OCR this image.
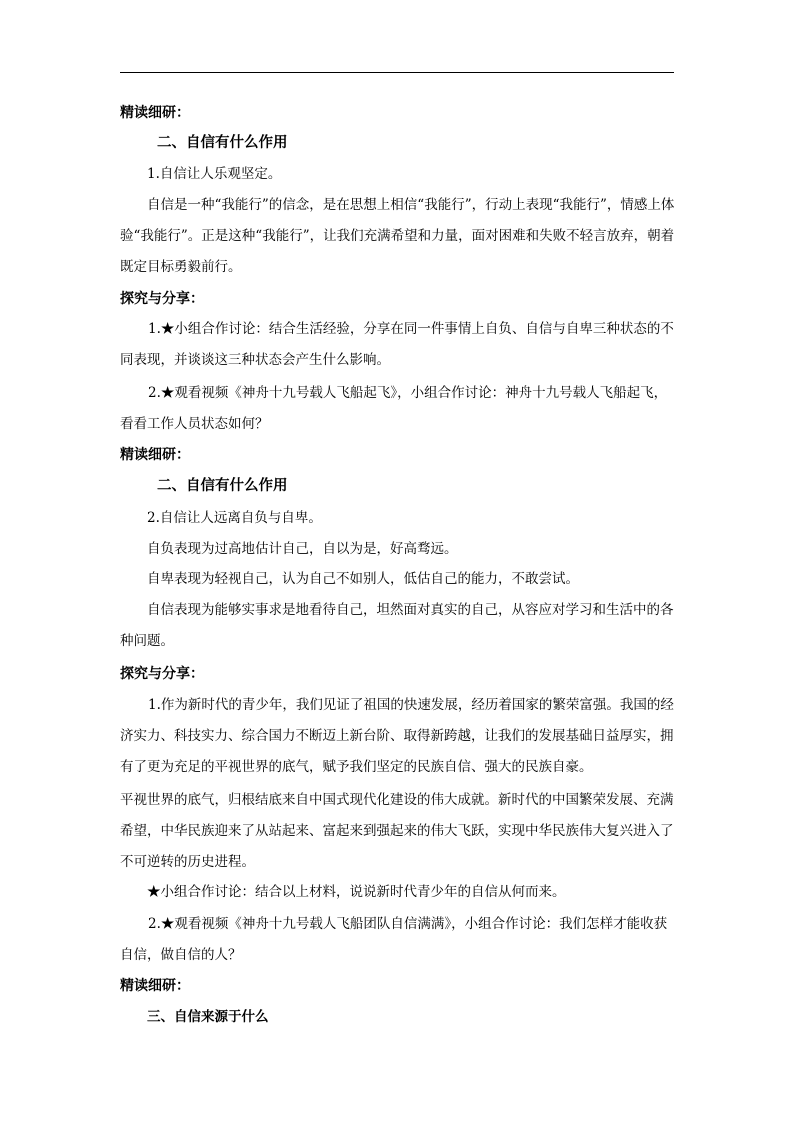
精读细研：
二、自信有什么作用
1.自信让人乐观坚定。

自信是一种“我能行”的信念，是在思想上相信“我能行”，行动上表现“我能行”，情感上体验“我能行”。正是这种“我能行”，让我们充满希望和力量，面对困难和失败不轻言放弃，朝着既定目标勇毅前行。

探究与分享：

1.★小组合作讨论：结合生活经验，分享在同一件事情上自负、自信与自卑三种状态的不同表现，并谈谈这三种状态会产生什么影响。

2.★观看视频《神舟十九号载人飞船起飞》，小组合作讨论：神舟十九号载人飞船起飞，看看工作人员状态如何？

精读细研：
二、自信有什么作用
2.自信让人远离自负与自卑。

自负表现为过高地估计自己，自以为是，好高骛远。

自卑表现为轻视自己，认为自己不如别人，低估自己的能力，不敢尝试。

自信表现为能够实事求是地看待自己，坦然面对真实的自己，从容应对学习和生活中的各种问题。

探究与分享：

1.作为新时代的青少年，我们见证了祖国的快速发展，经历着国家的繁荣富强。我国的经济实力、科技实力、综合国力不断迈上新台阶、取得新跨越，让我们的发展基础日益厚实，拥有了更为充足的平视世界的底气，赋予我们坚定的民族自信、强大的民族自豪。

平视世界的底气，归根结底来自中国式现代化建设的伟大成就。新时代的中国繁荣发展、充满希望，中华民族迎来了从站起来、富起来到强起来的伟大飞跃，实现中华民族伟大复兴进入了不可逆转的历史进程。

★小组合作讨论：结合以上材料，说说新时代青少年的自信从何而来。

2.★观看视频《神舟十九号载人飞船团队自信满满》，小组合作讨论：我们怎样才能收获自信，做自信的人？

精读细研：
三、自信来源于什么
